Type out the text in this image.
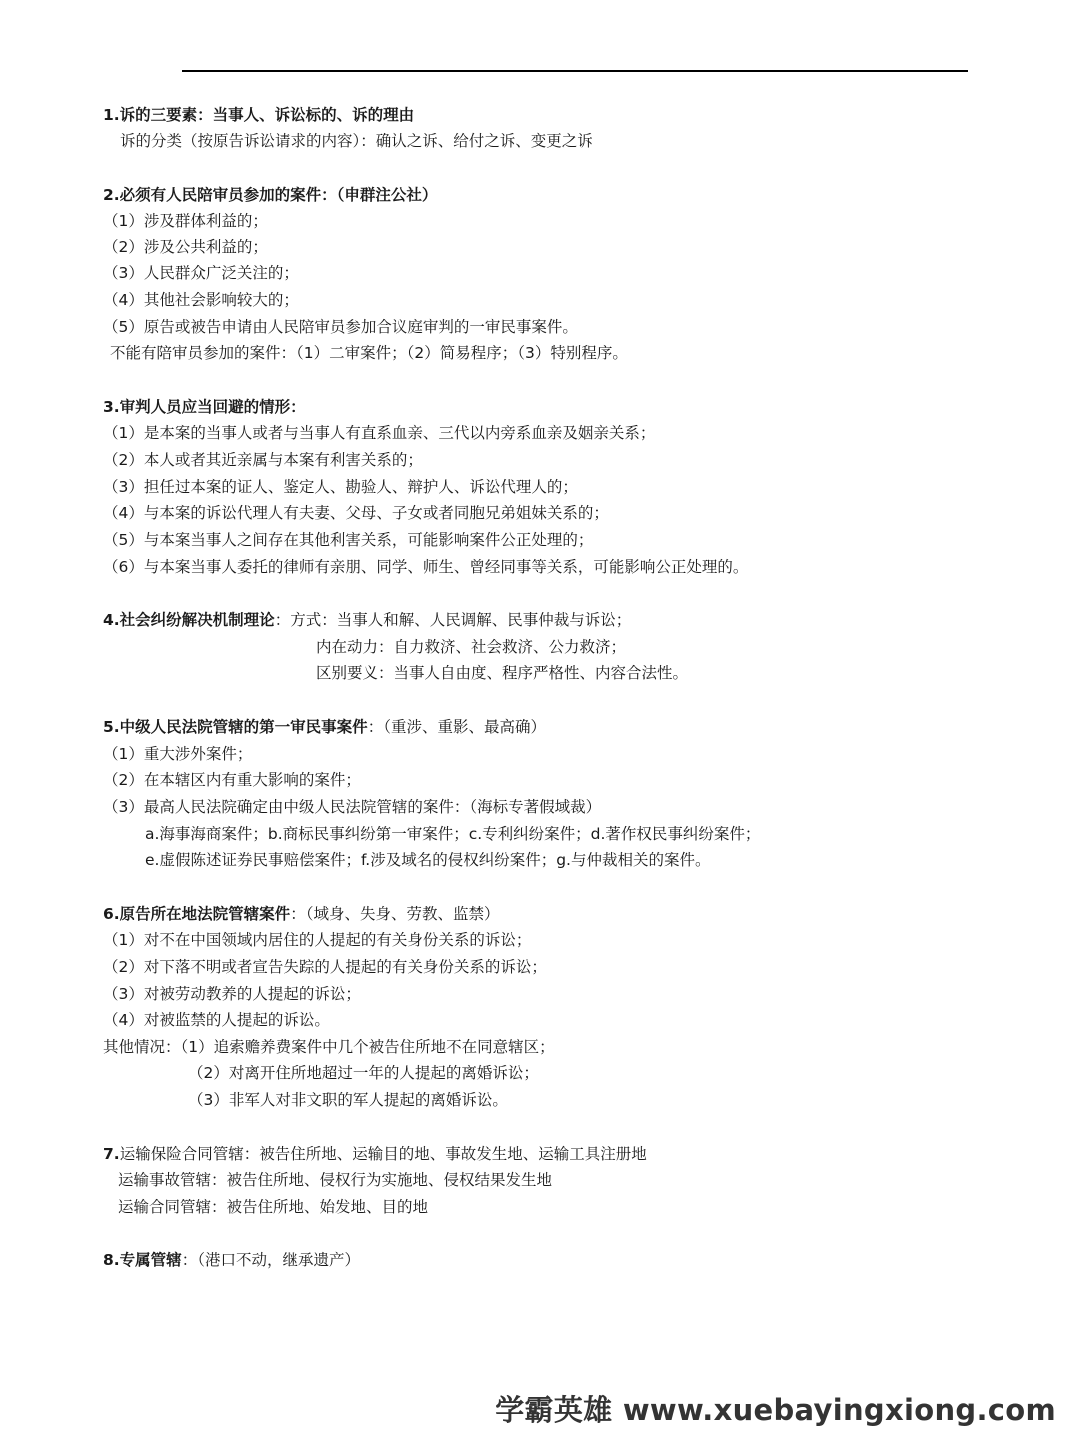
1.诉的三要素：当事人、诉讼标的、诉的理由
诉的分类（按原告诉讼请求的内容）：确认之诉、给付之诉、变更之诉
2.必须有人民陪审员参加的案件：（申群注公社）
（1）涉及群体利益的；
（2）涉及公共利益的；
（3）人民群众广泛关注的；
（4）其他社会影响较大的；
（5）原告或被告申请由人民陪审员参加合议庭审判的一审民事案件。
不能有陪审员参加的案件：（1）二审案件；（2）简易程序；（3）特别程序。
3.审判人员应当回避的情形：
（1）是本案的当事人或者与当事人有直系血亲、三代以内旁系血亲及姻亲关系；
（2）本人或者其近亲属与本案有利害关系的；
（3）担任过本案的证人、鉴定人、勘验人、辩护人、诉讼代理人的；
（4）与本案的诉讼代理人有夫妻、父母、子女或者同胞兄弟姐妹关系的；
（5）与本案当事人之间存在其他利害关系，可能影响案件公正处理的；
（6）与本案当事人委托的律师有亲朋、同学、师生、曾经同事等关系，可能影响公正处理的。
4.社会纠纷解决机制理论：方式：当事人和解、人民调解、民事仲裁与诉讼；
内在动力：自力救济、社会救济、公力救济；
区别要义：当事人自由度、程序严格性、内容合法性。
5.中级人民法院管辖的第一审民事案件：（重涉、重影、最高确）
（1）重大涉外案件；
（2）在本辖区内有重大影响的案件；
（3）最高人民法院确定由中级人民法院管辖的案件：（海标专著假域裁）
a.海事海商案件；b.商标民事纠纷第一审案件；c.专利纠纷案件；d.著作权民事纠纷案件；
e.虚假陈述证券民事赔偿案件；f.涉及域名的侵权纠纷案件；g.与仲裁相关的案件。
6.原告所在地法院管辖案件：（域身、失身、劳教、监禁）
（1）对不在中国领域内居住的人提起的有关身份关系的诉讼；
（2）对下落不明或者宣告失踪的人提起的有关身份关系的诉讼；
（3）对被劳动教养的人提起的诉讼；
（4）对被监禁的人提起的诉讼。
其他情况：（1）追索赡养费案件中几个被告住所地不在同意辖区；
（2）对离开住所地超过一年的人提起的离婚诉讼；
（3）非军人对非文职的军人提起的离婚诉讼。
7.运输保险合同管辖：被告住所地、运输目的地、事故发生地、运输工具注册地
运输事故管辖：被告住所地、侵权行为实施地、侵权结果发生地
运输合同管辖：被告住所地、始发地、目的地
8.专属管辖：（港口不动，继承遗产）
学霸英雄 www.xuebayingxiong.com
